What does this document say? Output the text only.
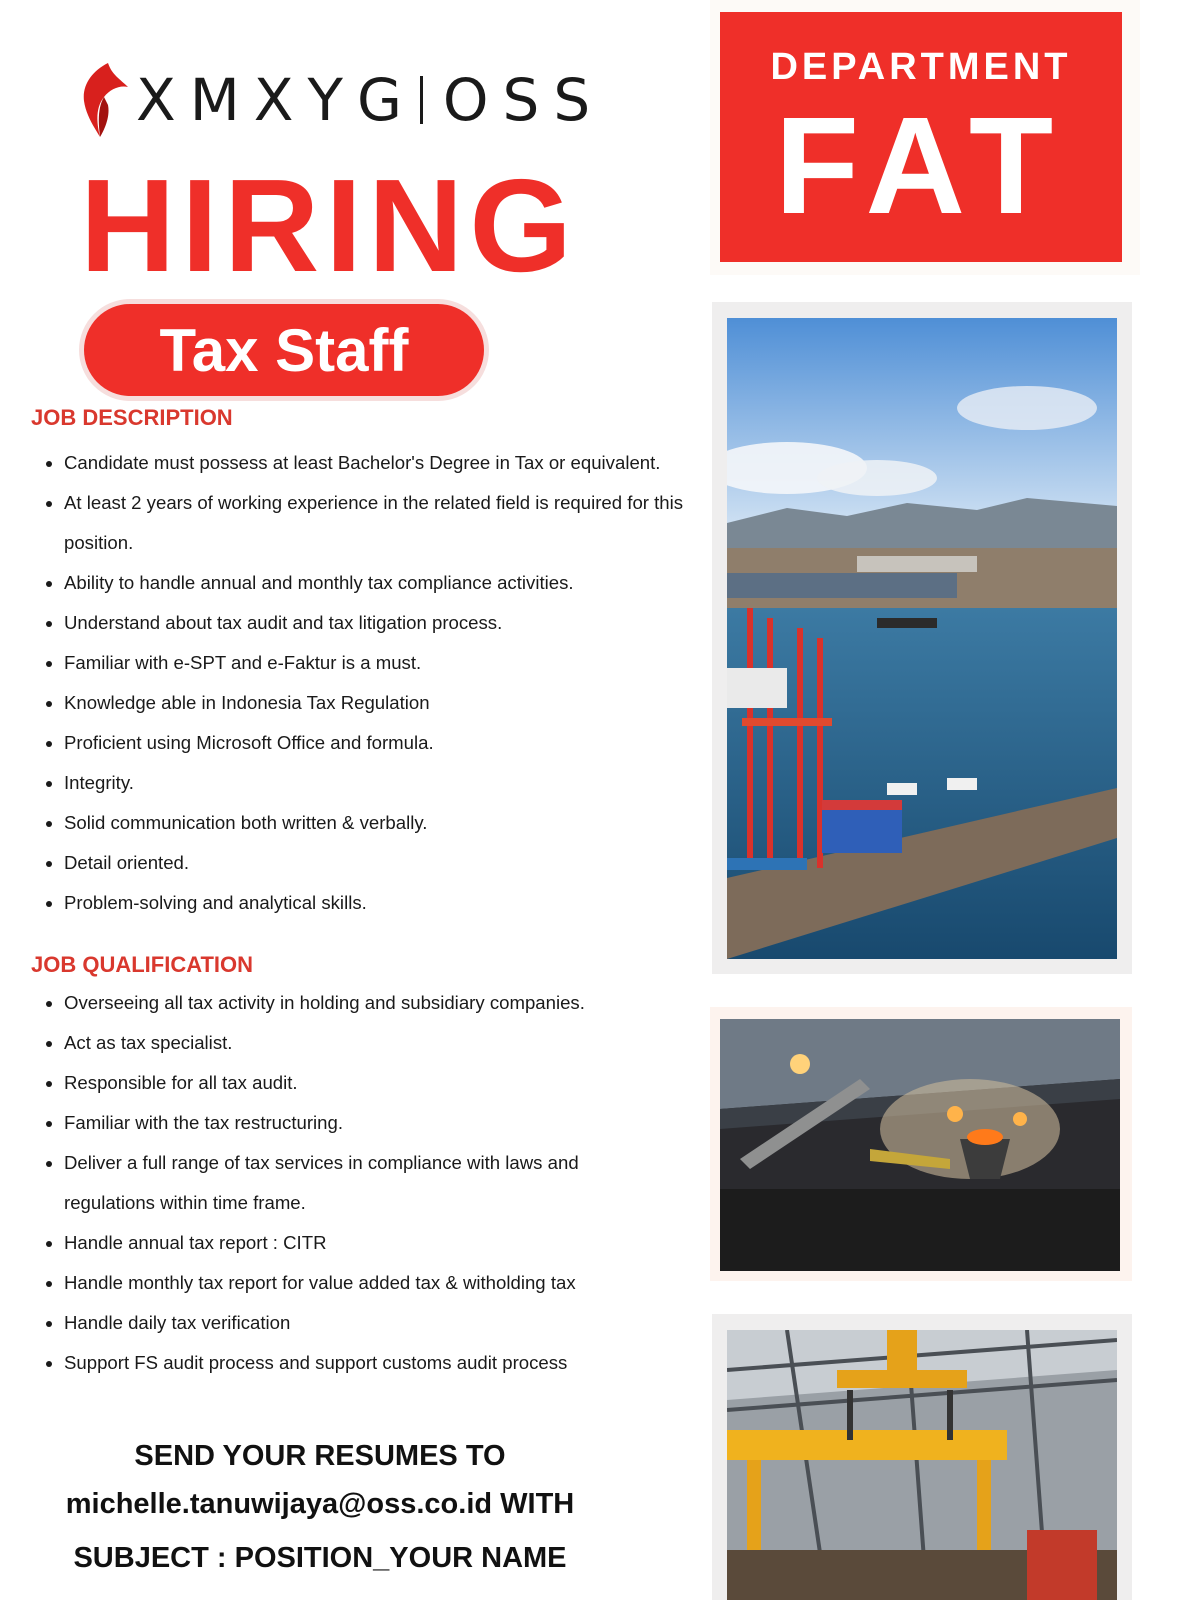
XMXYG OSS
HIRING
Tax Staff
DEPARTMENT
FAT
JOB DESCRIPTION
• Candidate must possess at least Bachelor's Degree in Tax or equivalent.
• At least 2 years of working experience in the related field is required for this position.
• Ability to handle annual and monthly tax compliance activities.
• Understand about tax audit and tax litigation process.
• Familiar with e-SPT and e-Faktur is a must.
• Knowledge able in Indonesia Tax Regulation
• Proficient using Microsoft Office and formula.
• Integrity.
• Solid communication both written & verbally.
• Detail oriented.
• Problem-solving and analytical skills.
JOB QUALIFICATION
• Overseeing all tax activity in holding and subsidiary companies.
• Act as tax specialist.
• Responsible for all tax audit.
• Familiar with the tax restructuring.
• Deliver a full range of tax services in compliance with laws and regulations within time frame.
• Handle annual tax report : CITR
• Handle monthly tax report for value added tax & witholding tax
• Handle daily tax verification
• Support FS audit process and support customs audit process
SEND YOUR RESUMES TO
michelle.tanuwijaya@oss.co.id WITH
SUBJECT : POSITION_YOUR NAME
